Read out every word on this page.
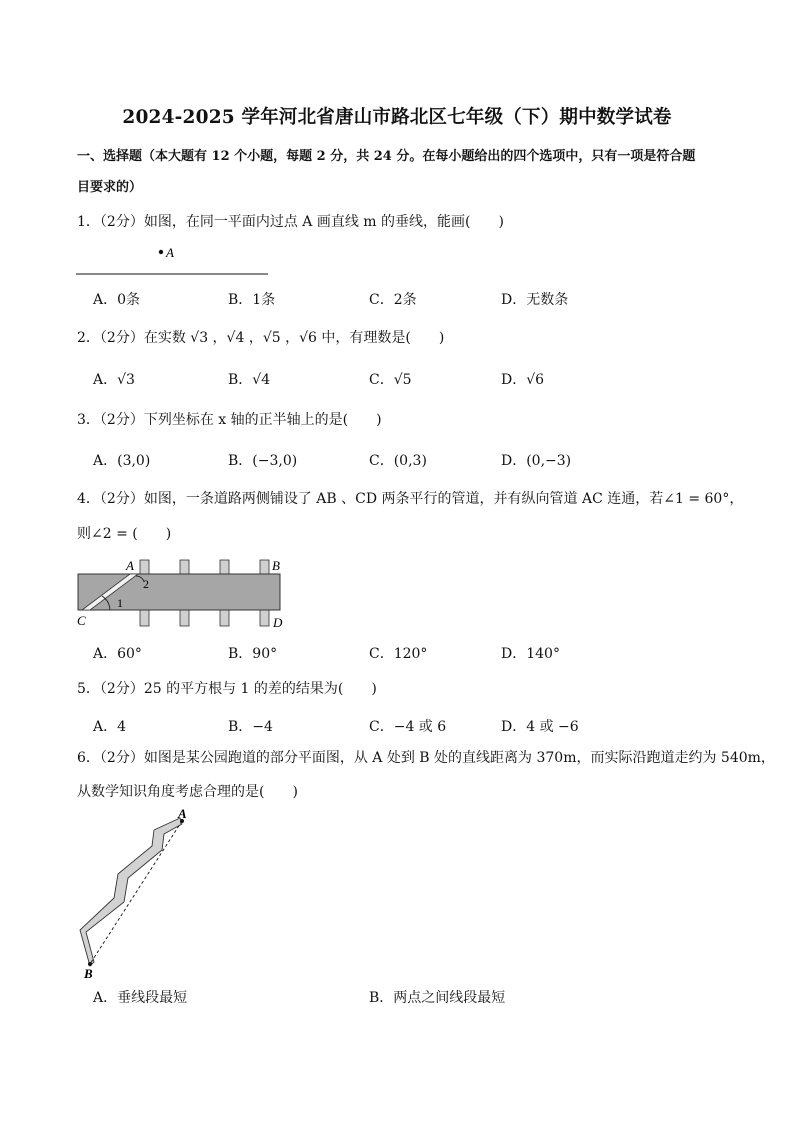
2024-2025 学年河北省唐山市路北区七年级（下）期中数学试卷
一、选择题（本大题有 12 个小题，每题 2 分，共 24 分。在每小题给出的四个选项中，只有一项是符合题
目要求的）
1．（2分）如图，在同一平面内过点 A 画直线 m 的垂线，能画(　　)
A
A．0条	B．1条	C．2条	D．无数条
2．（2分）在实数 √3 ，√4 ，√5 ，√6 中，有理数是(　　)
A．√3	B．√4	C．√5	D．√6
3．（2分）下列坐标在 x 轴的正半轴上的是(　　)
A．(3,0)	B．(−3,0)	C．(0,3)	D．(0,−3)
4．（2分）如图，一条道路两侧铺设了 AB 、CD 两条平行的管道，并有纵向管道 AC 连通，若∠1 = 60°，
则∠2 = (　　)
A	B
C	D
1
2
A．60°	B．90°	C．120°	D．140°
5．（2分）25 的平方根与 1 的差的结果为(　　)
A．4	B．−4	C．−4 或 6	D．4 或 −6
6．（2分）如图是某公园跑道的部分平面图，从 A 处到 B 处的直线距离为 370m，而实际沿跑道走约为 540m，
从数学知识角度考虑合理的是(　　)
A
B
A．垂线段最短	B．两点之间线段最短
